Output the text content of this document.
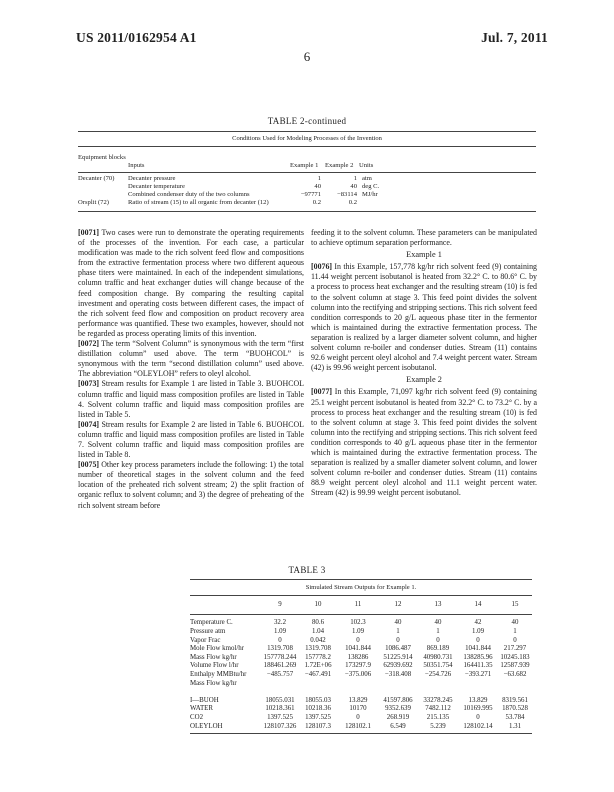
US 2011/0162954 A1	Jul. 7, 2011
6
TABLE 2-continued
Conditions Used for Modeling Processes of the Invention
Equipment blocks
Inputs	Example 1 Example 2 Units
Decanter (70) Decanter pressure	1	1 atm
Decanter temperature	40	40 deg C.
Combined condenser duty of the two columns	−97771	−83114 MJ/hr
Orsplit (72)	Ratio of stream (15) to all organic from decanter (12)	0.2	0.2

[0071] Two cases were run to demonstrate the operating requirements of the processes of the invention. For each case, a particular modification was made to the rich solvent feed flow and compositions from the extractive fermentation process where two different aqueous phase titers were maintained. In each of the independent simulations, column traffic and heat exchanger duties will change because of the feed composition change. By comparing the resulting capital investment and operating costs between different cases, the impact of the rich solvent feed flow and composition on product recovery area performance was quantified. These two examples, however, should not be regarded as process operating limits of this invention.

[0072] The term “Solvent Column” is synonymous with the term “first distillation column” used above. The term “BUOHCOL” is synonymous with the term “second distillation column” used above. The abbreviation “OLEYLOH” refers to oleyl alcohol.

[0073] Stream results for Example 1 are listed in Table 3. BUOHCOL column traffic and liquid mass composition profiles are listed in Table 4. Solvent column traffic and liquid mass composition profiles are listed in Table 5.

[0074] Stream results for Example 2 are listed in Table 6. BUOHCOL column traffic and liquid mass composition profiles are listed in Table 7. Solvent column traffic and liquid mass composition profiles are listed in Table 8.

[0075] Other key process parameters include the following: 1) the total number of theoretical stages in the solvent column and the feed location of the preheated rich solvent stream; 2) the split fraction of organic reflux to solvent column; and 3) the degree of preheating of the rich solvent stream before

feeding it to the solvent column. These parameters can be manipulated to achieve optimum separation performance.

Example 1

[0076] In this Example, 157,778 kg/hr rich solvent feed (9) containing 11.44 weight percent isobutanol is heated from 32.2° C. to 80.6° C. by a process to process heat exchanger and the resulting stream (10) is fed to the solvent column at stage 3. This feed point divides the solvent column into the rectifying and stripping sections. This rich solvent feed condition corresponds to 20 g/L aqueous phase titer in the fermentor which is maintained during the extractive fermentation process. The separation is realized by a larger diameter solvent column, and higher solvent column re-boiler and condenser duties. Stream (11) contains 92.6 weight percent oleyl alcohol and 7.4 weight percent water. Stream (42) is 99.96 weight percent isobutanol.

Example 2

[0077] In this Example, 71,097 kg/hr rich solvent feed (9) containing 25.1 weight percent isobutanol is heated from 32.2° C. to 73.2° C. by a process to process heat exchanger and the resulting stream (10) is fed to the solvent column at stage 3. This feed point divides the solvent column into the rectifying and stripping sections. This rich solvent feed condition corresponds to 40 g/L aqueous phase titer in the fermentor which is maintained during the extractive fermentation process. The separation is realized by a smaller diameter solvent column, and lower solvent column re-boiler and condenser duties. Stream (11) contains 88.9 weight percent oleyl alcohol and 11.1 weight percent water. Stream (42) is 99.99 weight percent isobutanol.

TABLE 3
Simulated Stream Outputs for Example 1.
	9	10	11	12	13	14	15

Temperature C.	32.2	80.6	102.3	40	40	42	40
Pressure atm	1.09	1.04	1.09	1	1	1.09	1
Vapor Frac	0	0.042	0	0	0	0	0
Mole Flow kmol/hr	1319.708	1319.708	1041.844	1086.487	869.189	1041.844	217.297
Mass Flow kg/hr	157778.244	157778.2	138286	51225.914	40980.731	138285.96	10245.183
Volume Flow l/hr	188461.269	1.72E+06	173297.9	62939.692	50351.754	164411.35	12587.939
Enthalpy MMBtu/hr	−485.757	−467.491	−375.006	−318.408	−254.726	−393.271	−63.682
Mass Flow kg/hr							

I—BUOH	18055.031	18055.03	13.829	41597.806	33278.245	13.829	8319.561
WATER	10218.361	10218.36	10170	9352.639	7482.112	10169.995	1870.528
CO2	1397.525	1397.525	0	268.919	215.135	0	53.784
OLEYLOH	128107.326	128107.3	128102.1	6.549	5.239	128102.14	1.31
